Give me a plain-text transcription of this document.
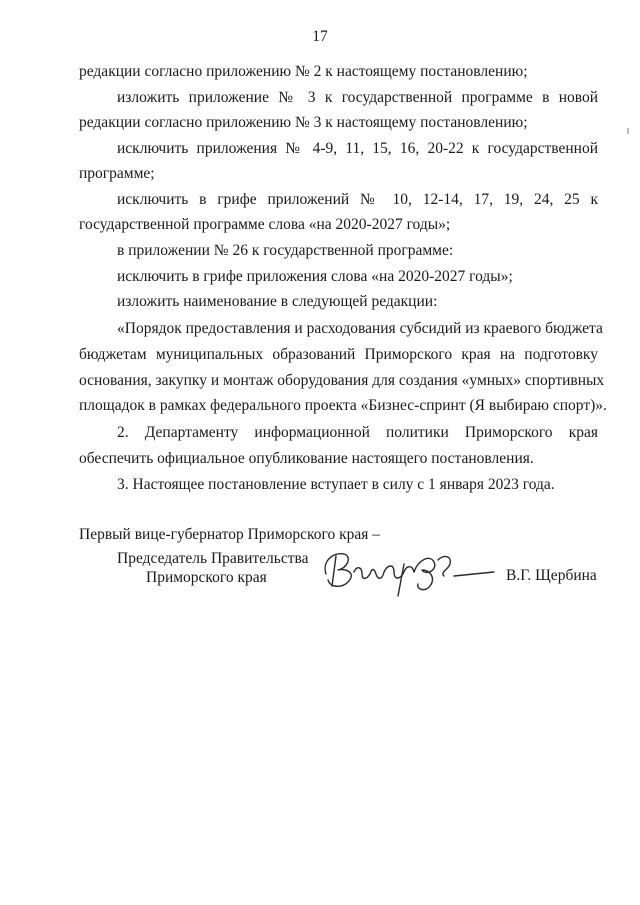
17
редакции согласно приложению № 2 к настоящему постановлению;
изложить приложение № 3 к государственной программе в новой
редакции согласно приложению № 3 к настоящему постановлению;
исключить приложения № 4-9, 11, 15, 16, 20-22 к государственной
программе;
исключить в грифе приложений № 10, 12-14, 17, 19, 24, 25 к
государственной программе слова «на 2020-2027 годы»;
в приложении № 26 к государственной программе:
исключить в грифе приложения слова «на 2020-2027 годы»;
изложить наименование в следующей редакции:
«Порядок предоставления и расходования субсидий из краевого бюджета
бюджетам муниципальных образований Приморского края на подготовку
основания, закупку и монтаж оборудования для создания «умных» спортивных
площадок в рамках федерального проекта «Бизнес-спринт (Я выбираю спорт)».
2. Департаменту информационной политики Приморского края
обеспечить официальное опубликование настоящего постановления.
3. Настоящее постановление вступает в силу с 1 января 2023 года.
Первый вице-губернатор Приморского края –
Председатель Правительства
Приморского края	В.Г. Щербина
